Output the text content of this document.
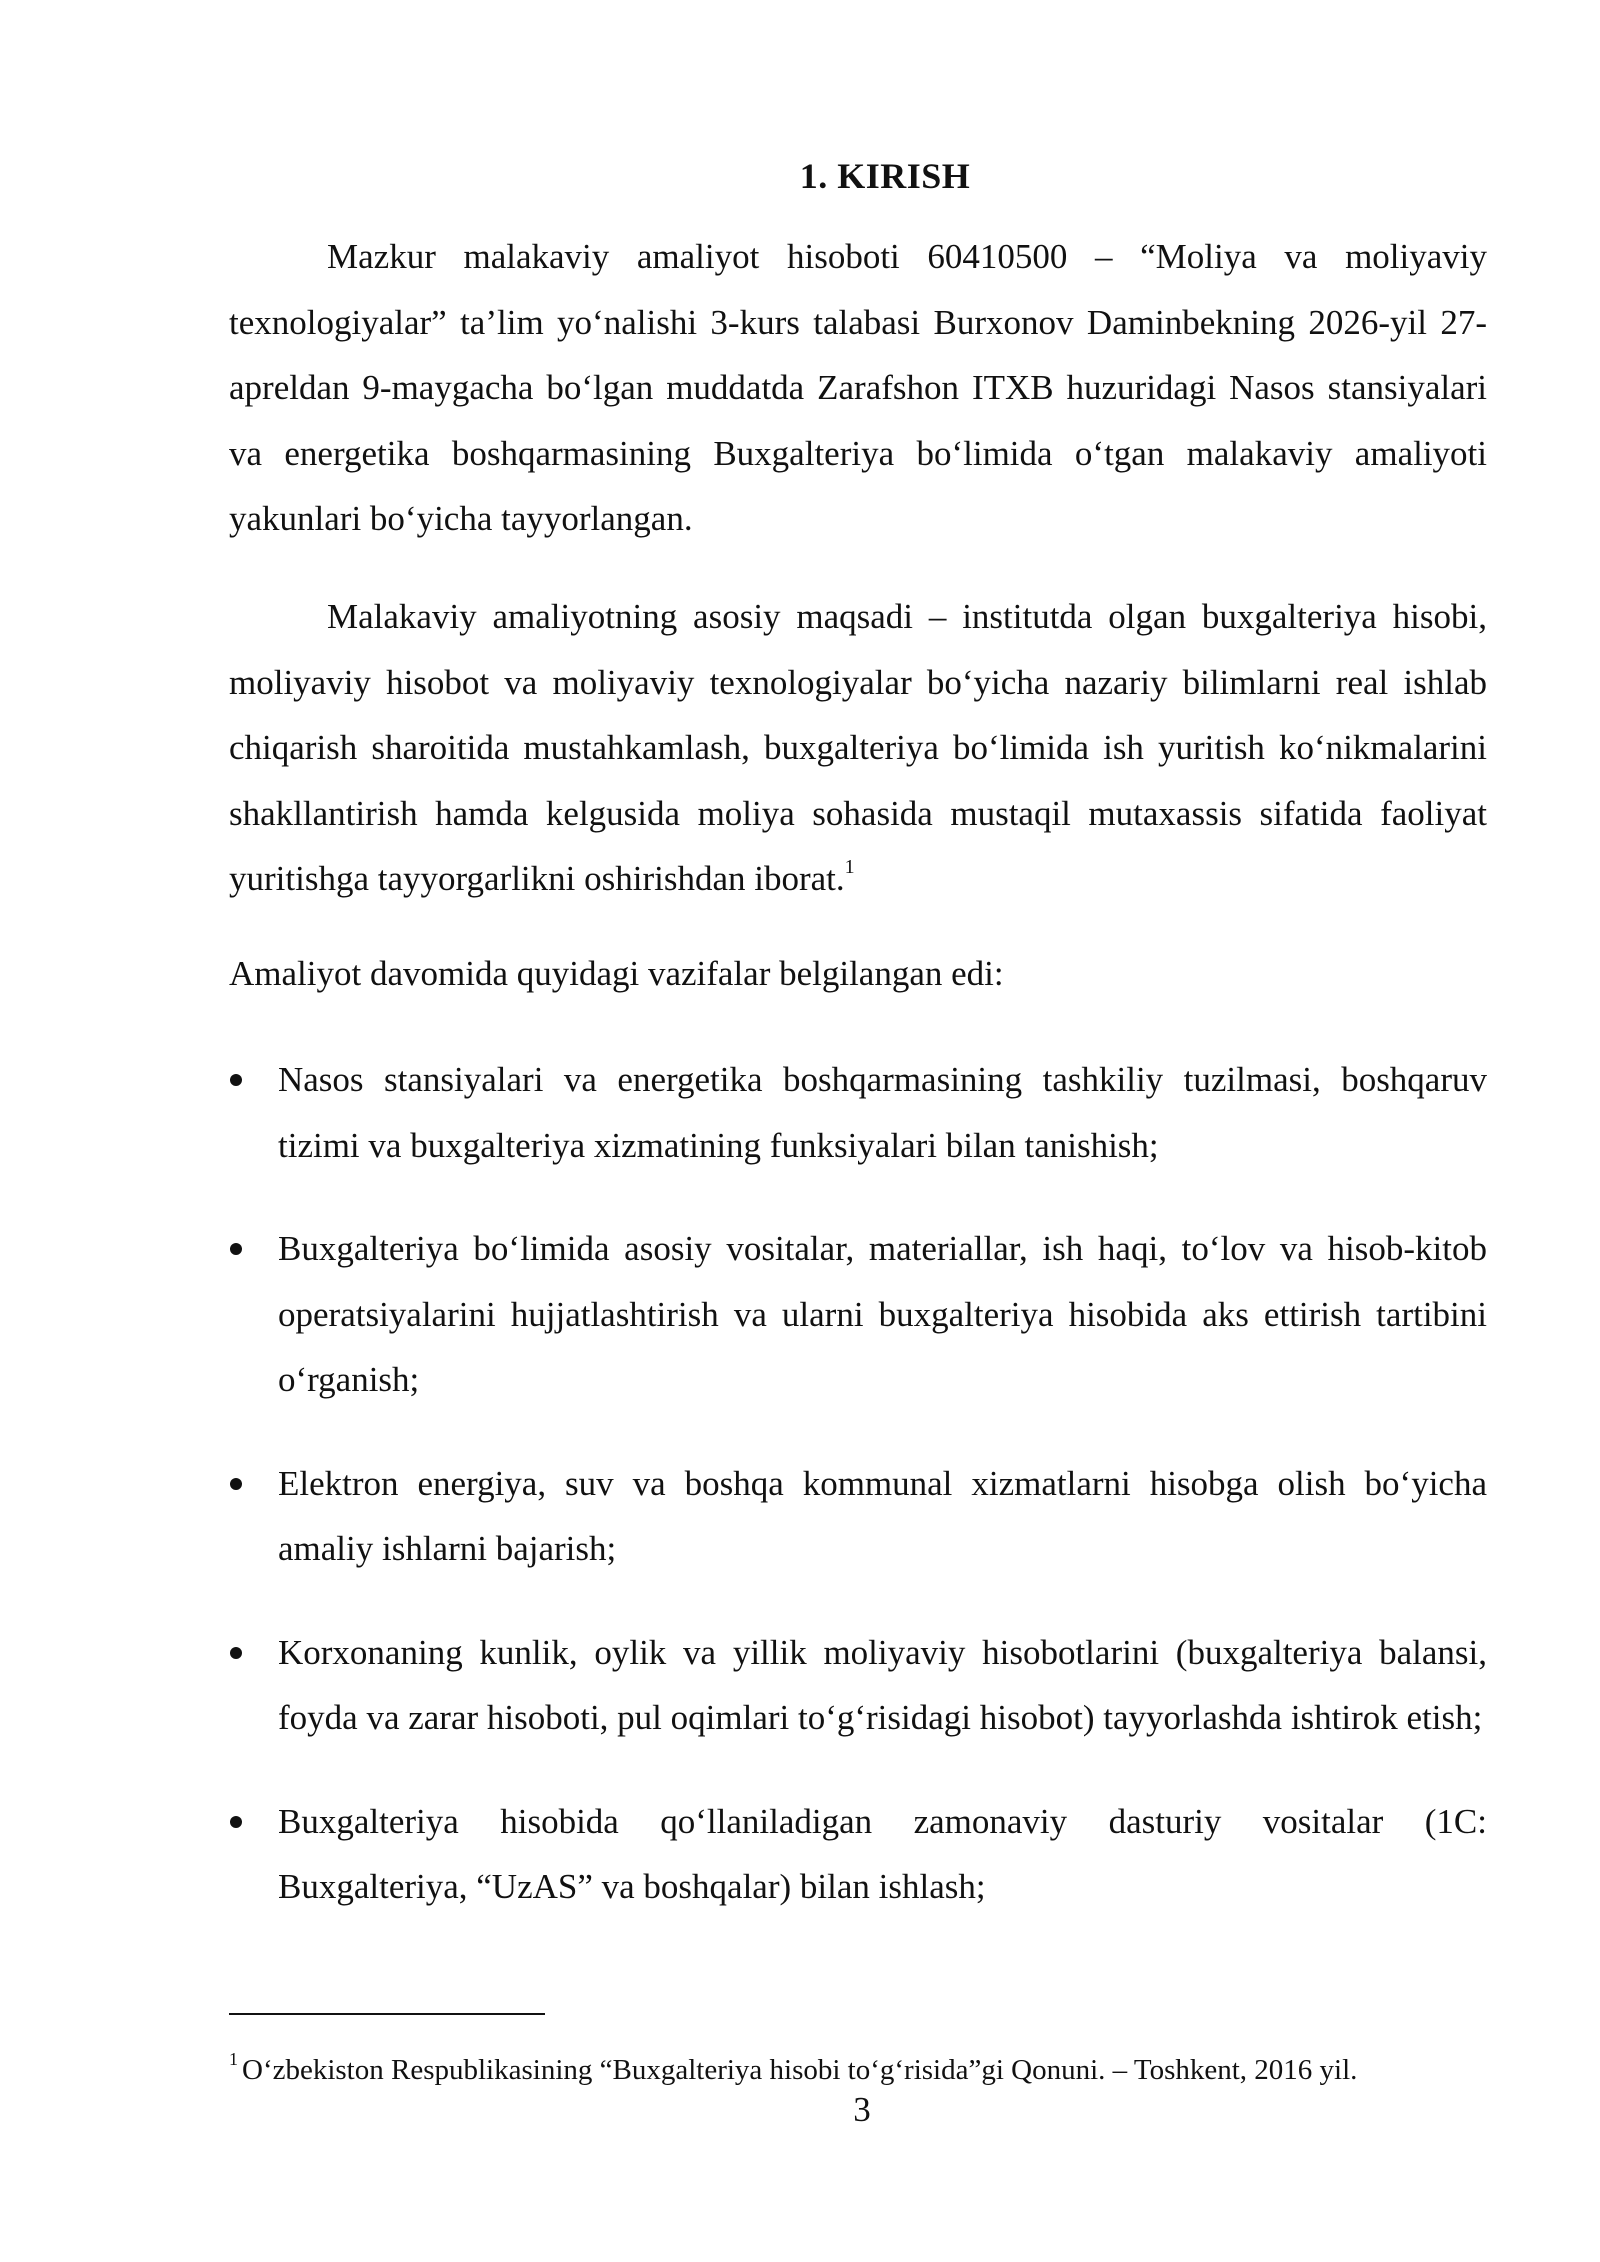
1. KIRISH

Mazkur malakaviy amaliyot hisoboti 60410500 – “Moliya va moliyaviy texnologiyalar” ta’lim yo‘nalishi 3-kurs talabasi Burxonov Daminbekning 2026-yil 27-apreldan 9-maygacha bo‘lgan muddatda Zarafshon ITXB huzuridagi Nasos stansiyalari va energetika boshqarmasining Buxgalteriya bo‘limida o‘tgan malakaviy amaliyoti yakunlari bo‘yicha tayyorlangan.

Malakaviy amaliyotning asosiy maqsadi – institutda olgan buxgalteriya hisobi, moliyaviy hisobot va moliyaviy texnologiyalar bo‘yicha nazariy bilimlarni real ishlab chiqarish sharoitida mustahkamlash, buxgalteriya bo‘limida ish yuritish ko‘nikmalarini shakllantirish hamda kelgusida moliya sohasida mustaqil mutaxassis sifatida faoliyat yuritishga tayyorgarlikni oshirishdan iborat.$^1$

Amaliyot davomida quyidagi vazifalar belgilangan edi:

Nasos stansiyalari va energetika boshqarmasining tashkiliy tuzilmasi, boshqaruv tizimi va buxgalteriya xizmatining funksiyalari bilan tanishish;
Buxgalteriya bo‘limida asosiy vositalar, materiallar, ish haqi, to‘lov va hisob-kitob operatsiyalarini hujjatlashtirish va ularni buxgalteriya hisobida aks ettirish tartibini o‘rganish;
Elektron energiya, suv va boshqa kommunal xizmatlarni hisobga olish bo‘yicha amaliy ishlarni bajarish;
Korxonaning kunlik, oylik va yillik moliyaviy hisobotlarini (buxgalteriya balansi, foyda va zarar hisoboti, pul oqimlari to‘g‘risidagi hisobot) tayyorlashda ishtirok etish;
Buxgalteriya hisobida qo‘llaniladigan zamonaviy dasturiy vositalar (1C: Buxgalteriya, “UzAS” va boshqalar) bilan ishlash;
$^1$ O‘zbekiston Respublikasining “Buxgalteriya hisobi to‘g‘risida”gi Qonuni. – Toshkent, 2016 yil.
3
